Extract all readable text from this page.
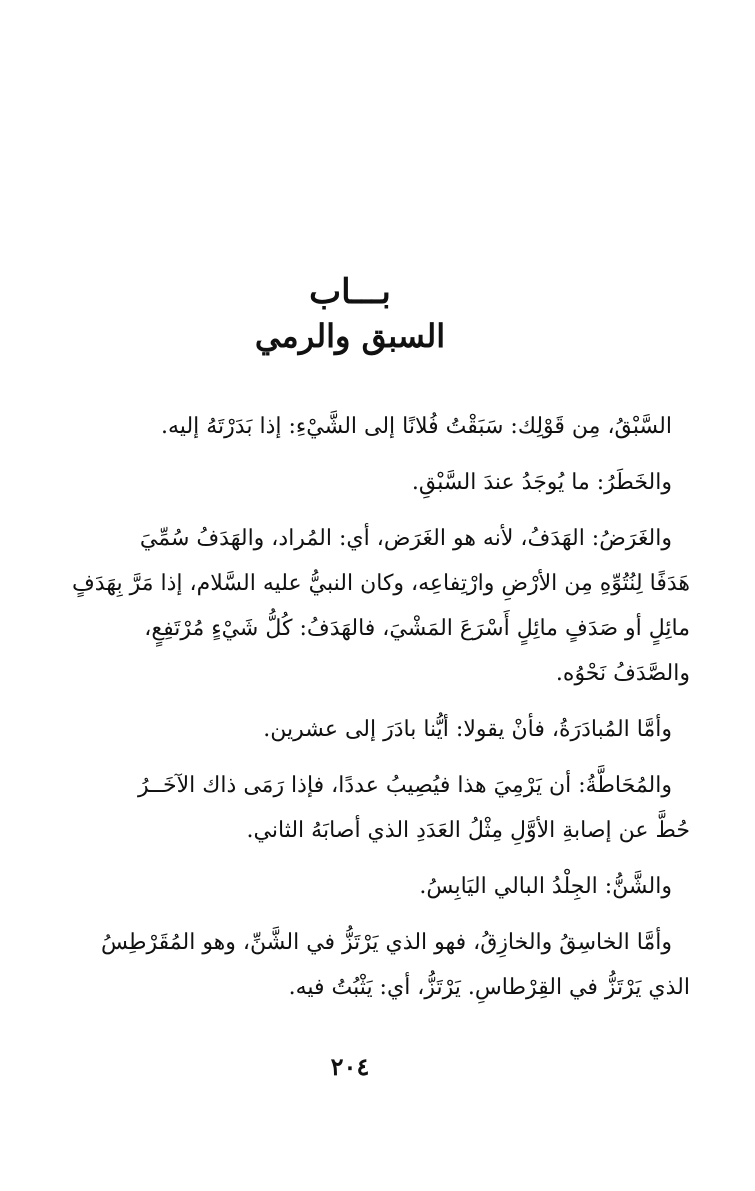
بـــاب
السبق والرمي

السَّبْقُ، مِن قَوْلِك: سَبَقْتُ فُلانًا إلى الشَّيْءِ: إذا بَدَرْتَهُ إليه.

والخَطَرُ: ما يُوجَدُ عندَ السَّبْقِ.

والغَرَضُ: الهَدَفُ، لأنه هو الغَرَض، أي: المُراد، والهَدَفُ سُمِّيَ
هَدَفًا لِنُتُوِّهِ مِن الأرْضِ وارْتِفاعِه، وكان النبيُّ عليه السَّلام، إذا مَرَّ بِهَدَفٍ
مائِلٍ أو صَدَفٍ مائِلٍ أَسْرَعَ المَشْيَ، فالهَدَفُ: كُلُّ شَيْءٍ مُرْتَفِعٍ،
والصَّدَفُ نَحْوُه.

وأمَّا المُبادَرَةُ، فأنْ يقولا: أيُّنا بادَرَ إلى عشرين.

والمُحَاطَّةُ: أن يَرْمِيَ هذا فيُصِيبُ عددًا، فإذا رَمَى ذاك الآخَــرُ
حُطَّ عن إصابةِ الأوَّلِ مِثْلُ العَدَدِ الذي أصابَهُ الثاني.

والشَّنُّ: الجِلْدُ البالي اليَابِسُ.

وأمَّا الخاسِقُ والخازِقُ، فهو الذي يَرْتَزُّ في الشَّنِّ، وهو المُقَرْطِسُ
الذي يَرْتَزُّ في القِرْطاسِ. يَرْتَزُّ، أي: يَثْبُتُ فيه.

٢٠٤
